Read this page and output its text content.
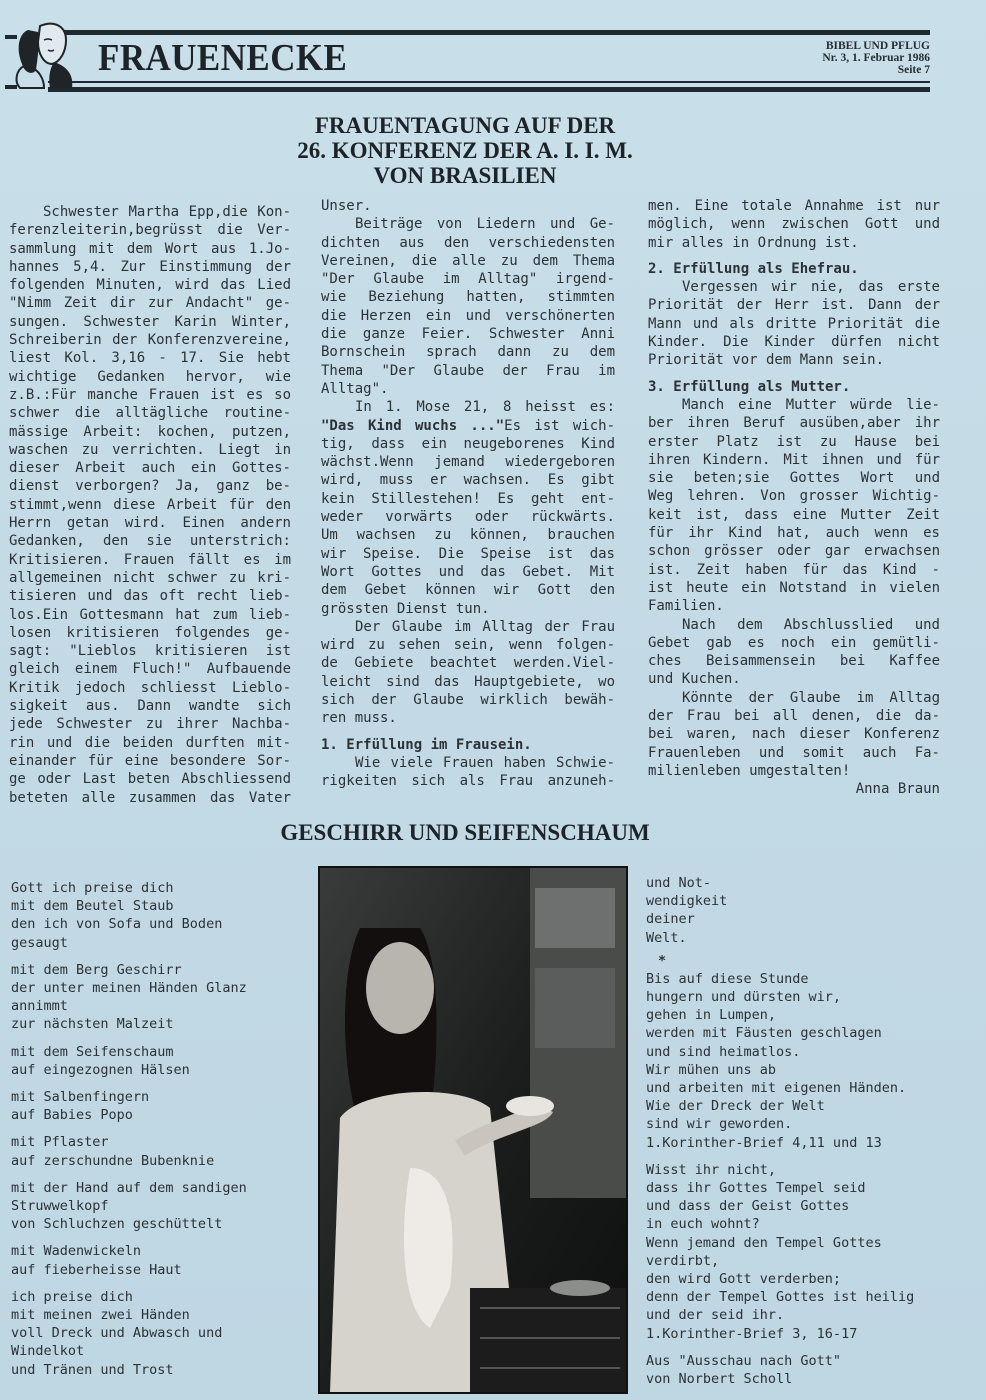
FRAUENECKE	BIBEL UND PFLUG
Nr. 3, 1. Februar 1986
Seite 7
FRAUENTAGUNG AUF DER
26. KONFERENZ DER A. I. I. M.
VON BRASILIEN
Schwester Martha Epp,die Kon-
ferenzleiterin,begrüsst die Ver-
sammlung mit dem Wort aus 1.Jo-
hannes 5,4. Zur Einstimmung der
folgenden Minuten, wird das Lied
"Nimm Zeit dir zur Andacht" ge-
sungen. Schwester Karin Winter,
Schreiberin der Konferenzvereine,
liest Kol. 3,16 - 17. Sie hebt
wichtige Gedanken hervor, wie
z.B.:Für manche Frauen ist es so
schwer die alltägliche routine-
mässige Arbeit: kochen, putzen,
waschen zu verrichten. Liegt in
dieser Arbeit auch ein Gottes-
dienst verborgen? Ja, ganz be-
stimmt,wenn diese Arbeit für den
Herrn getan wird. Einen andern
Gedanken, den sie unterstrich:
Kritisieren. Frauen fällt es im
allgemeinen nicht schwer zu kri-
tisieren und das oft recht lieb-
los.Ein Gottesmann hat zum lieb-
losen kritisieren folgendes ge-
sagt: "Lieblos kritisieren ist
gleich einem Fluch!" Aufbauende
Kritik jedoch schliesst Lieblo-
sigkeit aus. Dann wandte sich
jede Schwester zu ihrer Nachba-
rin und die beiden durften mit-
einander für eine besondere Sor-
ge oder Last beten Abschliessend
beteten alle zusammen das Vater
Unser.
Beiträge von Liedern und Ge-
dichten aus den verschiedensten
Vereinen, die alle zu dem Thema
"Der Glaube im Alltag" irgend-
wie Beziehung hatten, stimmten
die Herzen ein und verschönerten
die ganze Feier. Schwester Anni
Bornschein sprach dann zu dem
Thema "Der Glaube der Frau im
Alltag".
In 1. Mose 21, 8 heisst es:
"Das Kind wuchs ..."Es ist wich-
tig, dass ein neugeborenes Kind
wächst.Wenn jemand wiedergeboren
wird, muss er wachsen. Es gibt
kein Stillestehen! Es geht ent-
weder vorwärts oder rückwärts.
Um wachsen zu können, brauchen
wir Speise. Die Speise ist das
Wort Gottes und das Gebet. Mit
dem Gebet können wir Gott den
grössten Dienst tun.
Der Glaube im Alltag der Frau
wird zu sehen sein, wenn folgen-
de Gebiete beachtet werden.Viel-
leicht sind das Hauptgebiete, wo
sich der Glaube wirklich bewäh-
ren muss.
1. Erfüllung im Frausein.
Wie viele Frauen haben Schwie-
rigkeiten sich als Frau anzuneh-
men. Eine totale Annahme ist nur
möglich, wenn zwischen Gott und
mir alles in Ordnung ist.
2. Erfüllung als Ehefrau.
Vergessen wir nie, das erste
Priorität der Herr ist. Dann der
Mann und als dritte Priorität die
Kinder. Die Kinder dürfen nicht
Priorität vor dem Mann sein.
3. Erfüllung als Mutter.
Manch eine Mutter würde lie-
ber ihren Beruf ausüben,aber ihr
erster Platz ist zu Hause bei
ihren Kindern. Mit ihnen und für
sie beten;sie Gottes Wort und
Weg lehren. Von grosser Wichtig-
keit ist, dass eine Mutter Zeit
für ihr Kind hat, auch wenn es
schon grösser oder gar erwachsen
ist. Zeit haben für das Kind -
ist heute ein Notstand in vielen
Familien.
Nach dem Abschlusslied und
Gebet gab es noch ein gemütli-
ches Beisammensein bei Kaffee
und Kuchen.
Könnte der Glaube im Alltag
der Frau bei all denen, die da-
bei waren, nach dieser Konferenz
Frauenleben und somit auch Fa-
milienleben umgestalten!
Anna Braun
GESCHIRR UND SEIFENSCHAUM
Gott ich preise dich
mit dem Beutel Staub
den ich von Sofa und Boden
gesaugt
mit dem Berg Geschirr
der unter meinen Händen Glanz
annimmt
zur nächsten Malzeit
mit dem Seifenschaum
auf eingezognen Hälsen
mit Salbenfingern
auf Babies Popo
mit Pflaster
auf zerschundne Bubenknie
mit der Hand auf dem sandigen
Struwwelkopf
von Schluchzen geschüttelt
mit Wadenwickeln
auf fieberheisse Haut
ich preise dich
mit meinen zwei Händen
voll Dreck und Abwasch und
Windelkot
und Tränen und Trost
und Not-
wendigkeit
deiner
Welt.
*
Bis auf diese Stunde
hungern und dürsten wir,
gehen in Lumpen,
werden mit Fäusten geschlagen
und sind heimatlos.
Wir mühen uns ab
und arbeiten mit eigenen Händen.
Wie der Dreck der Welt
sind wir geworden.
1.Korinther-Brief 4,11 und 13
Wisst ihr nicht,
dass ihr Gottes Tempel seid
und dass der Geist Gottes
in euch wohnt?
Wenn jemand den Tempel Gottes
verdirbt,
den wird Gott verderben;
denn der Tempel Gottes ist heilig
und der seid ihr.
1.Korinther-Brief 3, 16-17
Aus "Ausschau nach Gott"
von Norbert Scholl
